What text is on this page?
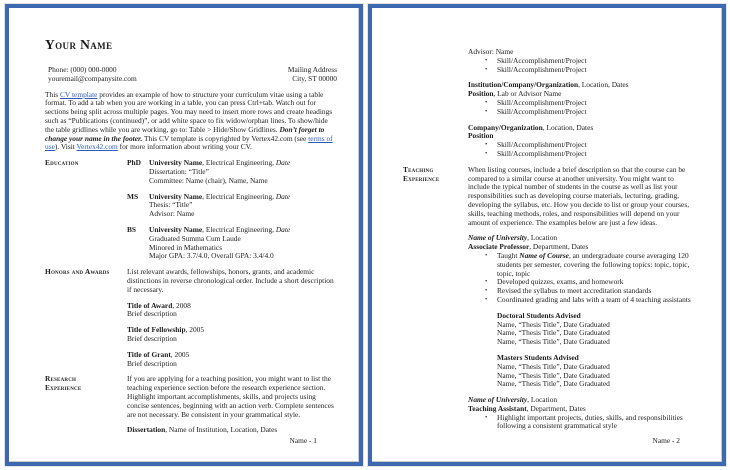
Your Name
Phone: (000) 000-0000
youremail@companysite.com
Mailing Address
City, ST 00000
This CV template provides an example of how to structure your curriculum vitae using a table format. To add a tab when you are working in a table, you can press Ctrl+tab. Watch out for sections being split across multiple pages. You may need to insert more rows and create headings such as “Publications (continued)”, or add white space to fix widow/orphan lines. To show/hide the table gridlines while you are working, go to: Table > Hide/Show Gridlines. Don’t forget to change your name in the footer. This CV template is copyrighted by Vertex42.com (see terms of use). Visit Vertex42.com for more information about writing your CV.
Education	PhD	University Name, Electrical Engineering, Date
Dissertation: “Title”
Committee: Name (chair), Name, Name
MS	University Name, Electrical Engineering, Date
Thesis: “Title”
Advisor: Name
BS	University Name, Electrical Engineering, Date
Graduated Summa Cum Laude
Minored in Mathematics
Major GPA: 3.7/4.0, Overall GPA: 3.4/4.0
Honors and Awards	List relevant awards, fellowships, honors, grants, and academic distinctions in reverse chronological order. Include a short description if necessary.
Title of Award, 2008
Brief description
Title of Fellowship, 2005
Brief description
Title of Grant, 2005
Brief description
Research Experience
If you are applying for a teaching position, you might want to list the teaching experience section before the research experience section. Highlight important accomplishments, skills, and projects using concise sentences, beginning with an action verb. Complete sentences are not necessary. Be consistent in your grammatical style.
Dissertation, Name of Institution, Location, Dates
Name - 1
Advisor: Name
•	Skill/Accomplishment/Project
•	Skill/Accomplishment/Project
Institution/Company/Organization, Location, Dates
Position, Lab or Advisor Name
•	Skill/Accomplishment/Project
•	Skill/Accomplishment/Project
Company/Organization, Location, Dates
Position
•	Skill/Accomplishment/Project
•	Skill/Accomplishment/Project
Teaching Experience
When listing courses, include a brief description so that the course can be compared to a similar course at another university. You might want to include the typical number of students in the course as well as list your responsibilities such as developing course materials, lecturing, grading, developing the syllabus, etc. How you decide to list or group your courses, skills, teaching methods, roles, and responsibilities will depend on your amount of experience. The examples below are just a few ideas.
Name of University, Location
Associate Professor, Department, Dates
•	Taught Name of Course, an undergraduate course averaging 120 students per semester, covering the following topics: topic, topic, topic, topic
•	Developed quizzes, exams, and homework
•	Revised the syllabus to meet accreditation standards
•	Coordinated grading and labs with a team of 4 teaching assistants
Doctoral Students Advised
Name, “Thesis Title”, Date Graduated
Name, “Thesis Title”, Date Graduated
Name, “Thesis Title”, Date Graduated
Masters Students Advised
Name, “Thesis Title”, Date Graduated
Name, “Thesis Title”, Date Graduated
Name, “Thesis Title”, Date Graduated
Name of University, Location
Teaching Assistant, Department, Dates
•	Highlight important projects, duties, skills, and responsibilities following a consistent grammatical style
Name - 2
